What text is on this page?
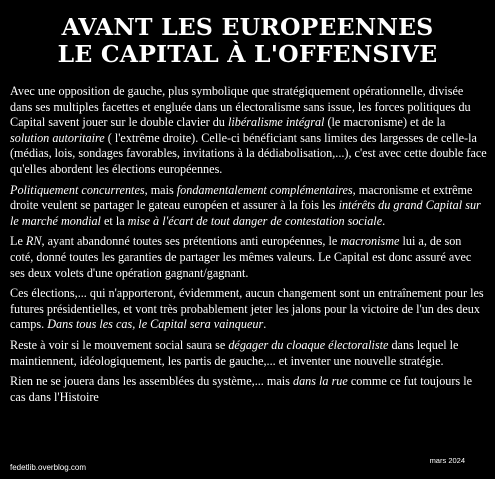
AVANT LES EUROPEENNES
LE CAPITAL À L'OFFENSIVE

Avec une opposition de gauche, plus symbolique que stratégiquement opérationnelle, divisée dans ses multiples facettes et engluée dans un électoralisme sans issue, les forces politiques du Capital savent jouer sur le double clavier du libéralisme intégral (le macronisme) et de la solution autoritaire ( l'extrême droite). Celle-ci bénéficiant sans limites des largesses de celle-la (médias, lois, sondages favorables, invitations à la dédiabolisation,...), c'est avec cette double face qu'elles abordent les élections européennes.

Politiquement concurrentes, mais fondamentalement complémentaires, macronisme et extrême droite veulent se partager le gateau européen et assurer à la fois les intérêts du grand Capital sur le marché mondial et la mise à l'écart de tout danger de contestation sociale.

Le RN, ayant abandonné toutes ses prétentions anti européennes, le macronisme lui a, de son coté, donné toutes les garanties de partager les mêmes valeurs. Le Capital est donc assuré avec ses deux volets d'une opération gagnant/gagnant.

Ces élections,... qui n'apporteront, évidemment, aucun changement sont un entraînement pour les futures présidentielles, et vont très probablement jeter les jalons pour la victoire de l'un des deux camps. Dans tous les cas, le Capital sera vainqueur.

Reste à voir si le mouvement social saura se dégager du cloaque électoraliste dans lequel le maintiennent, idéologiquement, les partis de gauche,... et inventer une nouvelle stratégie.

Rien ne se jouera dans les assemblées du système,... mais dans la rue comme ce fut toujours le cas dans l'Histoire

fedetlib.overblog.com
mars 2024
